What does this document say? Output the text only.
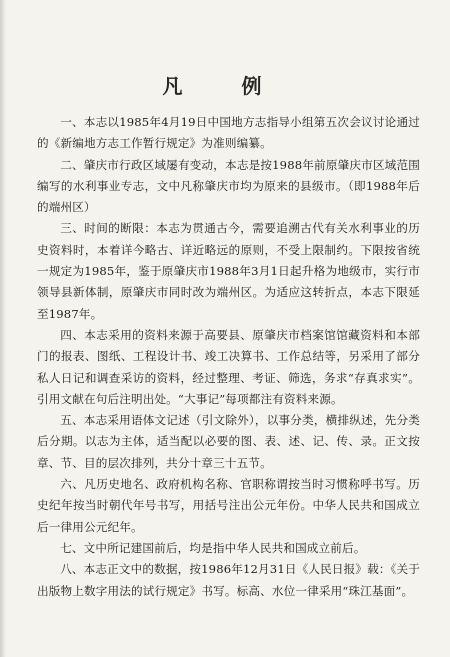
凡 例

一、本志以1985年4月19日中国地方志指导小组第五次会议讨论通过的《新编地方志工作暂行规定》为准则编纂。

二、肇庆市行政区域屡有变动，本志是按1988年前原肇庆市区域范围编写的水利事业专志，文中凡称肇庆市均为原来的县级市。（即1988年后的端州区）

三、时间的断限：本志为贯通古今，需要追溯古代有关水利事业的历史资料时，本着详今略古、详近略远的原则，不受上限制约。下限按省统一规定为1985年，鉴于原肇庆市1988年3月1日起升格为地级市，实行市领导县新体制，原肇庆市同时改为端州区。为适应这转折点，本志下限延至1987年。

四、本志采用的资料来源于高要县、原肇庆市档案馆馆藏资料和本部门的报表、图纸、工程设计书、竣工决算书、工作总结等，另采用了部分私人日记和调查采访的资料，经过整理、考证、筛选，务求“存真求实”。引用文献在句后注明出处。“大事记”每项都注有资料来源。

五、本志采用语体文记述（引文除外），以事分类，横排纵述，先分类后分期。以志为主体，适当配以必要的图、表、述、记、传、录。正文按章、节、目的层次排列，共分十章三十五节。

六、凡历史地名、政府机构名称、官职称谓按当时习惯称呼书写。历史纪年按当时朝代年号书写，用括号注出公元年份。中华人民共和国成立后一律用公元纪年。

七、文中所记建国前后，均是指中华人民共和国成立前后。

八、本志正文中的数据，按1986年12月31日《人民日报》载：《关于出版物上数字用法的试行规定》书写。标高、水位一律采用“珠江基面”。
